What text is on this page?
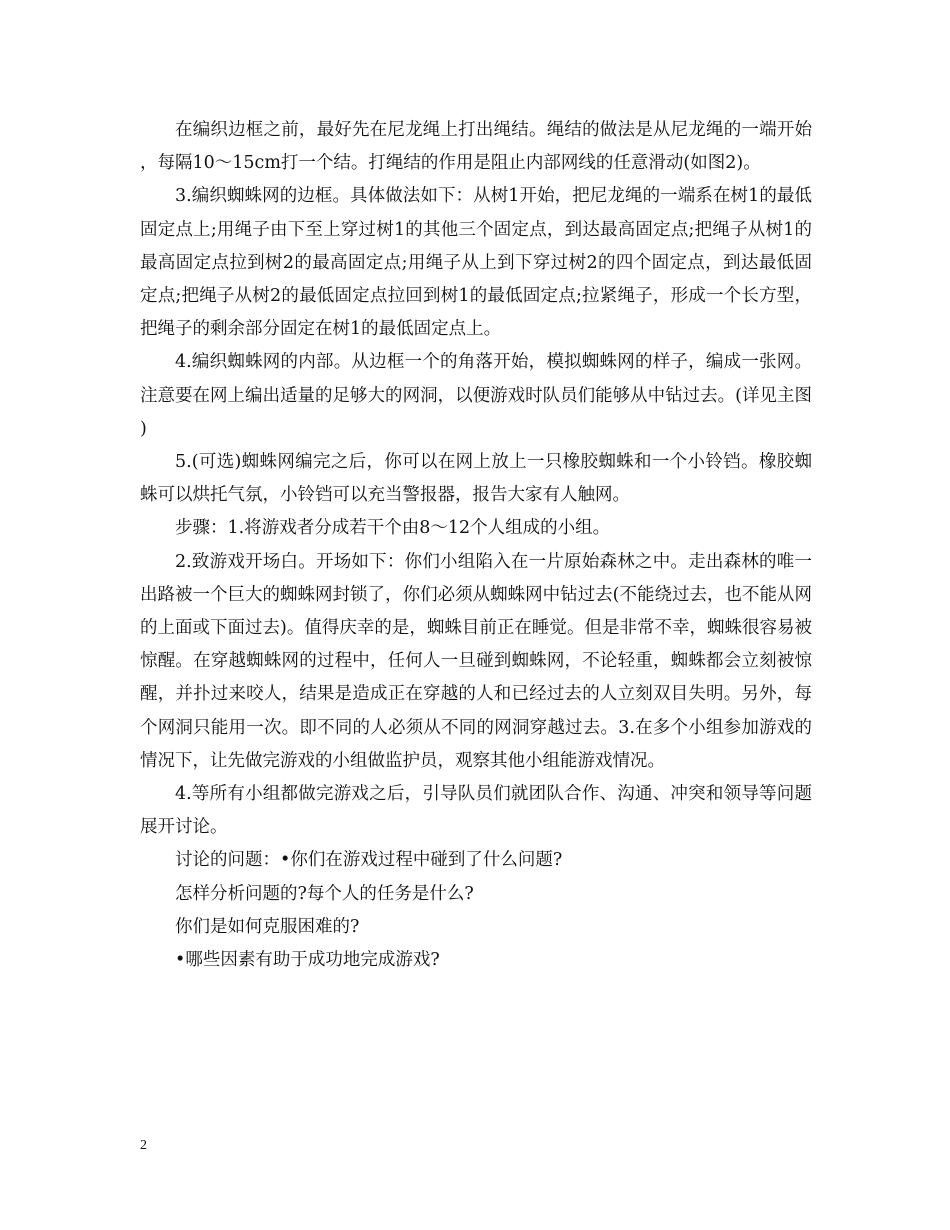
在编织边框之前，最好先在尼龙绳上打出绳结。绳结的做法是从尼龙绳的一端开始，每隔10～15cm打一个结。打绳结的作用是阻止内部网线的任意滑动(如图2)。

3.编织蜘蛛网的边框。具体做法如下：从树1开始，把尼龙绳的一端系在树1的最低固定点上;用绳子由下至上穿过树1的其他三个固定点，到达最高固定点;把绳子从树1的最高固定点拉到树2的最高固定点;用绳子从上到下穿过树2的四个固定点，到达最低固定点;把绳子从树2的最低固定点拉回到树1的最低固定点;拉紧绳子，形成一个长方型，把绳子的剩余部分固定在树1的最低固定点上。

4.编织蜘蛛网的内部。从边框一个的角落开始，模拟蜘蛛网的样子，编成一张网。注意要在网上编出适量的足够大的网洞，以便游戏时队员们能够从中钻过去。(详见主图)

5.(可选)蜘蛛网编完之后，你可以在网上放上一只橡胶蜘蛛和一个小铃铛。橡胶蜘蛛可以烘托气氛，小铃铛可以充当警报器，报告大家有人触网。

步骤：1.将游戏者分成若干个由8～12个人组成的小组。

2.致游戏开场白。开场如下：你们小组陷入在一片原始森林之中。走出森林的唯一出路被一个巨大的蜘蛛网封锁了，你们必须从蜘蛛网中钻过去(不能绕过去，也不能从网的上面或下面过去)。值得庆幸的是，蜘蛛目前正在睡觉。但是非常不幸，蜘蛛很容易被惊醒。在穿越蜘蛛网的过程中，任何人一旦碰到蜘蛛网，不论轻重，蜘蛛都会立刻被惊醒，并扑过来咬人，结果是造成正在穿越的人和已经过去的人立刻双目失明。另外，每个网洞只能用一次。即不同的人必须从不同的网洞穿越过去。3.在多个小组参加游戏的情况下，让先做完游戏的小组做监护员，观察其他小组能游戏情况。

4.等所有小组都做完游戏之后，引导队员们就团队合作、沟通、冲突和领导等问题展开讨论。

讨论的问题：•你们在游戏过程中碰到了什么问题?

怎样分析问题的?每个人的任务是什么?

你们是如何克服困难的?

•哪些因素有助于成功地完成游戏?

2
